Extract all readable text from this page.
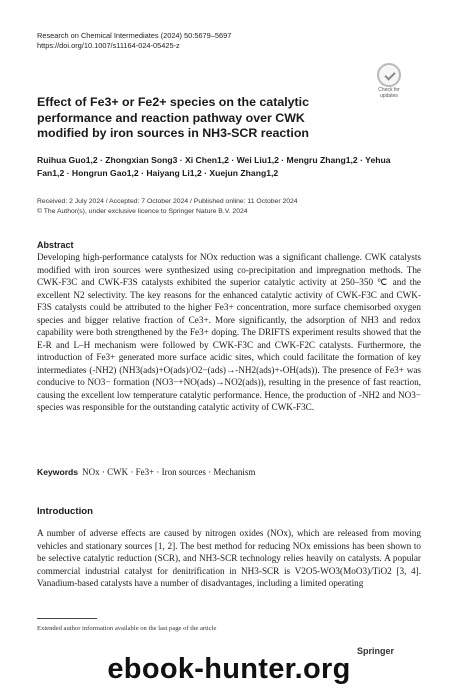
Research on Chemical Intermediates (2024) 50:5679–5697
https://doi.org/10.1007/s11164-024-05425-z
Check for
updates
Effect of Fe3+ or Fe2+ species on the catalytic performance and reaction pathway over CWK modified by iron sources in NH3-SCR reaction
Ruihua Guo1,2 · Zhongxian Song3 · Xi Chen1,2 · Wei Liu1,2 · Mengru Zhang1,2 · Yehua Fan1,2 · Hongrun Gao1,2 · Haiyang Li1,2 · Xuejun Zhang1,2
Received: 2 July 2024 / Accepted: 7 October 2024 / Published online: 11 October 2024
© The Author(s), under exclusive licence to Springer Nature B.V. 2024
Abstract
Developing high-performance catalysts for NOx reduction was a significant challenge. CWK catalysts modified with iron sources were synthesized using co-precipitation and impregnation methods. The CWK-F3C and CWK-F3S catalysts exhibited the superior catalytic activity at 250–350 ℃ and the excellent N2 selectivity. The key reasons for the enhanced catalytic activity of CWK-F3C and CWK-F3S catalysts could be attributed to the higher Fe3+ concentration, more surface chemisorbed oxygen species and bigger relative fraction of Ce3+. More significantly, the adsorption of NH3 and redox capability were both strengthened by the Fe3+ doping. The DRIFTS experiment results showed that the E-R and L–H mechanism were followed by CWK-F3C and CWK-F2C catalysts. Furthermore, the introduction of Fe3+ generated more surface acidic sites, which could facilitate the formation of key intermediates (-NH2) (NH3(ads)+O(ads)/O2−(ads)→-NH2(ads)+-OH(ads)). The presence of Fe3+ was conducive to NO3− formation (NO3−+NO(ads)→NO2(ads)), resulting in the presence of fast reaction, causing the excellent low temperature catalytic performance. Hence, the production of -NH2 and NO3− species was responsible for the outstanding catalytic activity of CWK-F3C.
Keywords NOx · CWK · Fe3+ · Iron sources · Mechanism
Introduction
A number of adverse effects are caused by nitrogen oxides (NOx), which are released from moving vehicles and stationary sources [1, 2]. The best method for reducing NOx emissions has been shown to be selective catalytic reduction (SCR), and NH3-SCR technology relies heavily on catalysts. A popular commercial industrial catalyst for denitrification in NH3-SCR is V2O5-WO3(MoO3)/TiO2 [3, 4]. Vanadium-based catalysts have a number of disadvantages, including a limited operating
Extended author information available on the last page of the article
Springer
ebook-hunter.org
